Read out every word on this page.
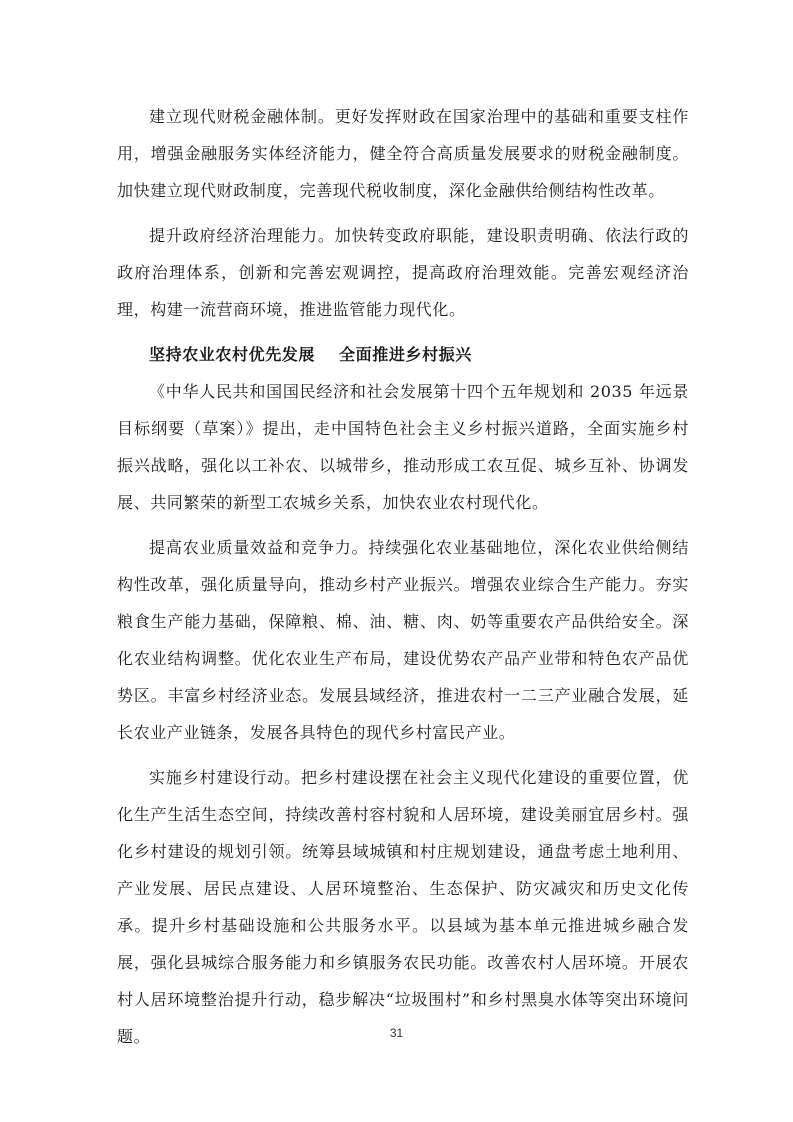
建立现代财税金融体制。更好发挥财政在国家治理中的基础和重要支柱作用，增强金融服务实体经济能力，健全符合高质量发展要求的财税金融制度。加快建立现代财政制度，完善现代税收制度，深化金融供给侧结构性改革。

提升政府经济治理能力。加快转变政府职能，建设职责明确、依法行政的政府治理体系，创新和完善宏观调控，提高政府治理效能。完善宏观经济治理，构建一流营商环境，推进监管能力现代化。

坚持农业农村优先发展 全面推进乡村振兴

《中华人民共和国国民经济和社会发展第十四个五年规划和 2035 年远景目标纲要（草案）》提出，走中国特色社会主义乡村振兴道路，全面实施乡村振兴战略，强化以工补农、以城带乡，推动形成工农互促、城乡互补、协调发展、共同繁荣的新型工农城乡关系，加快农业农村现代化。

提高农业质量效益和竞争力。持续强化农业基础地位，深化农业供给侧结构性改革，强化质量导向，推动乡村产业振兴。增强农业综合生产能力。夯实粮食生产能力基础，保障粮、棉、油、糖、肉、奶等重要农产品供给安全。深化农业结构调整。优化农业生产布局，建设优势农产品产业带和特色农产品优势区。丰富乡村经济业态。发展县域经济，推进农村一二三产业融合发展，延长农业产业链条，发展各具特色的现代乡村富民产业。

实施乡村建设行动。把乡村建设摆在社会主义现代化建设的重要位置，优化生产生活生态空间，持续改善村容村貌和人居环境，建设美丽宜居乡村。强化乡村建设的规划引领。统筹县域城镇和村庄规划建设，通盘考虑土地利用、产业发展、居民点建设、人居环境整治、生态保护、防灾减灾和历史文化传承。提升乡村基础设施和公共服务水平。以县域为基本单元推进城乡融合发展，强化县城综合服务能力和乡镇服务农民功能。改善农村人居环境。开展农村人居环境整治提升行动，稳步解决“垃圾围村”和乡村黑臭水体等突出环境问题。	31
